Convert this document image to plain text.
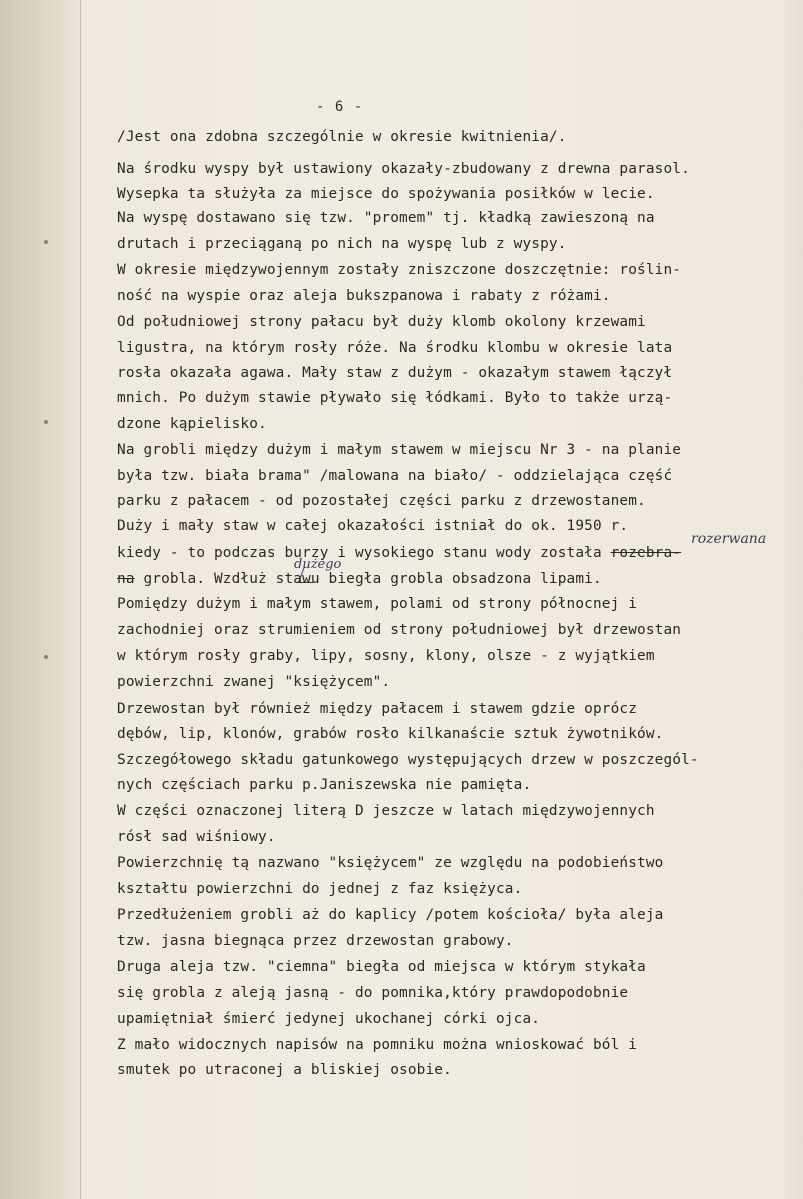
- 6 -
/Jest ona zdobna szczególnie w okresie kwitnienia/.
Na środku wyspy był ustawiony okazały-zbudowany z drewna parasol.
Wysepka ta służyła za miejsce do spożywania posiłków w lecie.
Na wyspę dostawano się tzw. "promem" tj. kładką zawieszoną na
drutach i przeciąganą po nich na wyspę lub z wyspy.
W okresie międzywojennym zostały zniszczone doszczętnie: roślin-
ność na wyspie oraz aleja bukszpanowa i rabaty z różami.
Od południowej strony pałacu był duży klomb okolony krzewami
ligustra, na którym rosły róże. Na środku klombu w okresie lata
rosła okazała agawa. Mały staw z dużym - okazałym stawem łączył
mnich. Po dużym stawie pływało się łódkami. Było to także urzą-
dzone kąpielisko.
Na grobli między dużym i małym stawem w miejscu Nr 3 - na planie
była tzw. biała brama" /malowana na biało/ - oddzielająca część
parku z pałacem - od pozostałej części parku z drzewostanem.
Duży i mały staw w całej okazałości istniał do ok. 1950 r.
rozerwana
kiedy - to podczas burzy i wysokiego stanu wody została rozebra-
dużego
na grobla. Wzdłuż stawu biegła grobla obsadzona lipami.
Pomiędzy dużym i małym stawem, polami od strony północnej i
zachodniej oraz strumieniem od strony południowej był drzewostan
w którym rosły graby, lipy, sosny, klony, olsze - z wyjątkiem
powierzchni zwanej "księżycem".
Drzewostan był również między pałacem i stawem gdzie oprócz
dębów, lip, klonów, grabów rosło kilkanaście sztuk żywotników.
Szczegółowego składu gatunkowego występujących drzew w poszczegól-
nych częściach parku p.Janiszewska nie pamięta.
W części oznaczonej literą D jeszcze w latach międzywojennych
rósł sad wiśniowy.
Powierzchnię tą nazwano "księżycem" ze względu na podobieństwo
kształtu powierzchni do jednej z faz księżyca.
Przedłużeniem grobli aż do kaplicy /potem kościoła/ była aleja
tzw. jasna biegnąca przez drzewostan grabowy.
Druga aleja tzw. "ciemna" biegła od miejsca w którym stykała
się grobla z aleją jasną - do pomnika,który prawdopodobnie
upamiętniał śmierć jedynej ukochanej córki ojca.
Z mało widocznych napisów na pomniku można wnioskować ból i
smutek po utraconej a bliskiej osobie.
